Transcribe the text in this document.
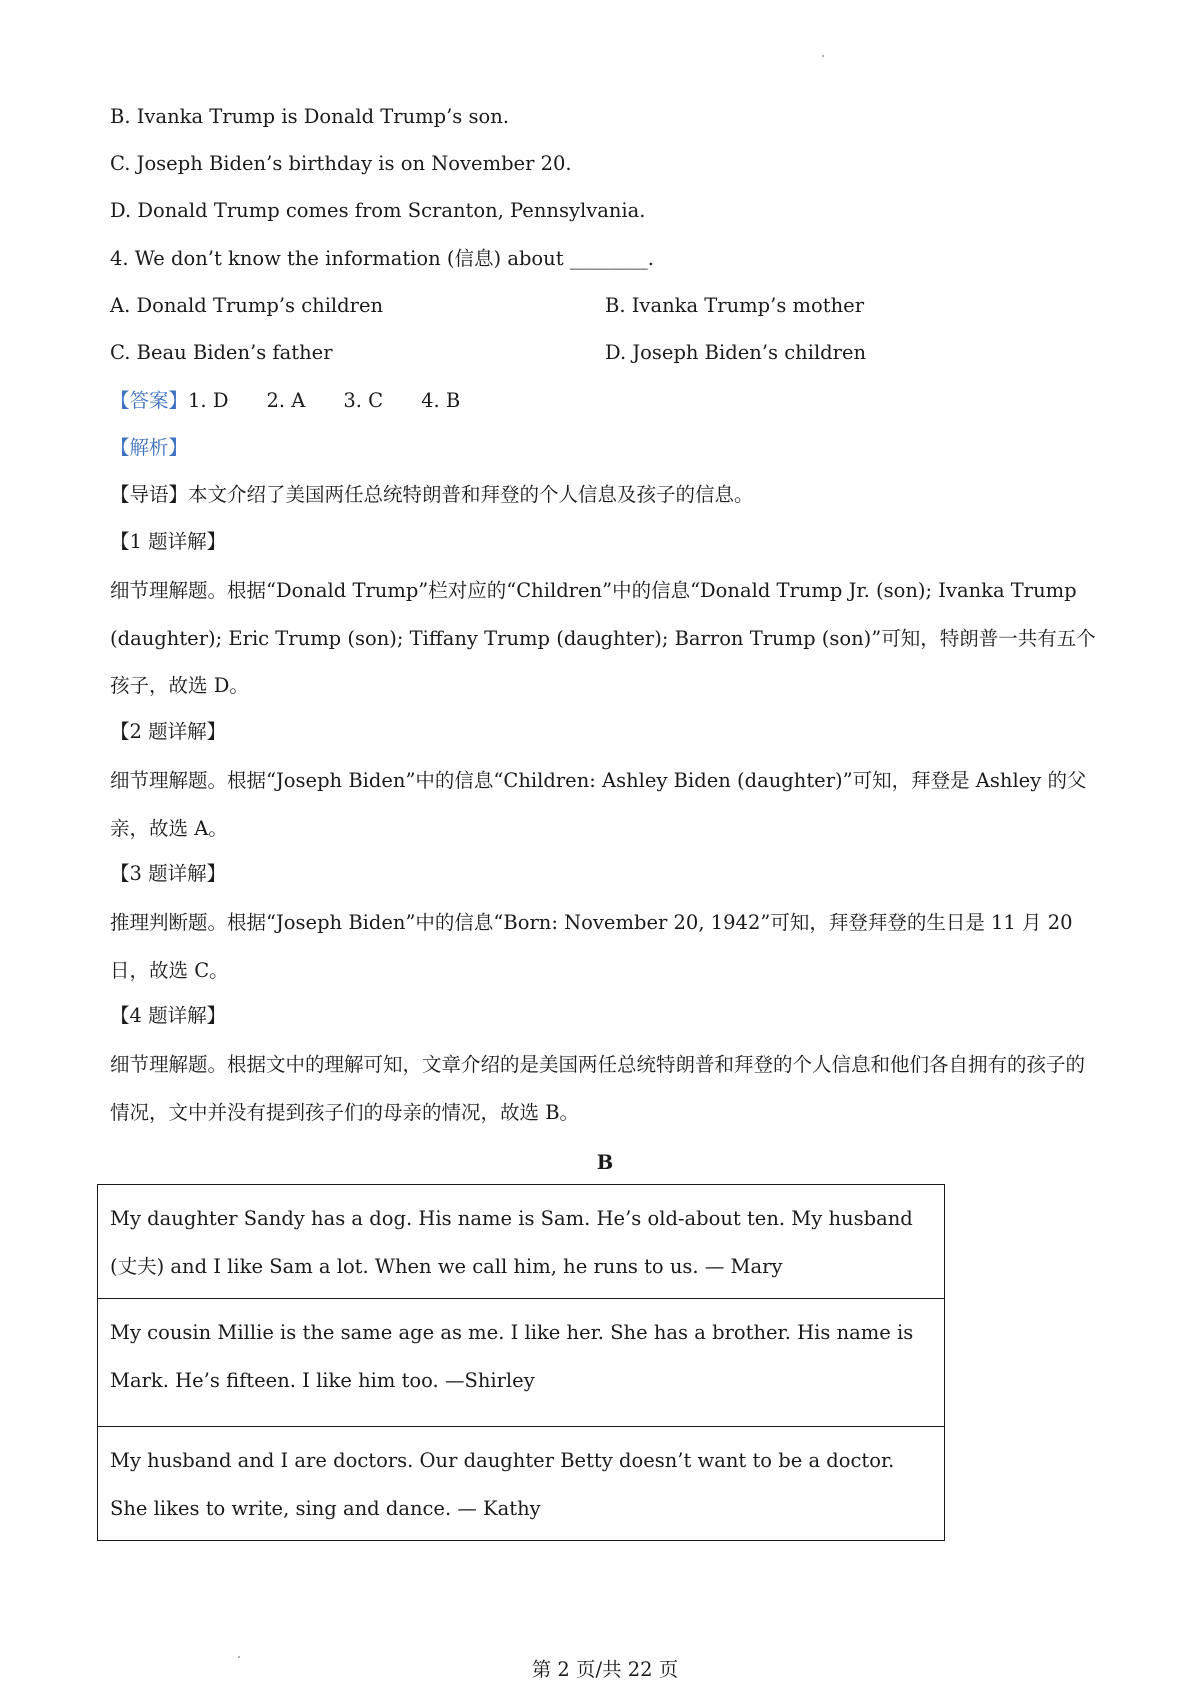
B. Ivanka Trump is Donald Trump’s son.
C. Joseph Biden’s birthday is on November 20.
D. Donald Trump comes from Scranton, Pennsylvania.
4. We don’t know the information (信息) about ________.
A. Donald Trump’s children	B. Ivanka Trump’s mother
C. Beau Biden’s father	D. Joseph Biden’s children
【答案】1. D 2. A 3. C 4. B
【解析】
【导语】本文介绍了美国两任总统特朗普和拜登的个人信息及孩子的信息。
【1 题详解】
细节理解题。根据“Donald Trump”栏对应的“Children”中的信息“Donald Trump Jr. (son); Ivanka Trump (daughter); Eric Trump (son); Tiffany Trump (daughter); Barron Trump (son)”可知，特朗普一共有五个孩子，故选 D。
【2 题详解】
细节理解题。根据“Joseph Biden”中的信息“Children: Ashley Biden (daughter)”可知，拜登是 Ashley 的父亲，故选 A。
【3 题详解】
推理判断题。根据“Joseph Biden”中的信息“Born: November 20, 1942”可知，拜登拜登的生日是 11 月 20 日，故选 C。
【4 题详解】
细节理解题。根据文中的理解可知，文章介绍的是美国两任总统特朗普和拜登的个人信息和他们各自拥有的孩子的情况，文中并没有提到孩子们的母亲的情况，故选 B。
B
My daughter Sandy has a dog. His name is Sam. He’s old-about ten. My husband (丈夫) and I like Sam a lot. When we call him, he runs to us. — Mary
My cousin Millie is the same age as me. I like her. She has a brother. His name is Mark. He’s fifteen. I like him too. —Shirley
My husband and I are doctors. Our daughter Betty doesn’t want to be a doctor. She likes to write, sing and dance. — Kathy
第 2 页/共 22 页
